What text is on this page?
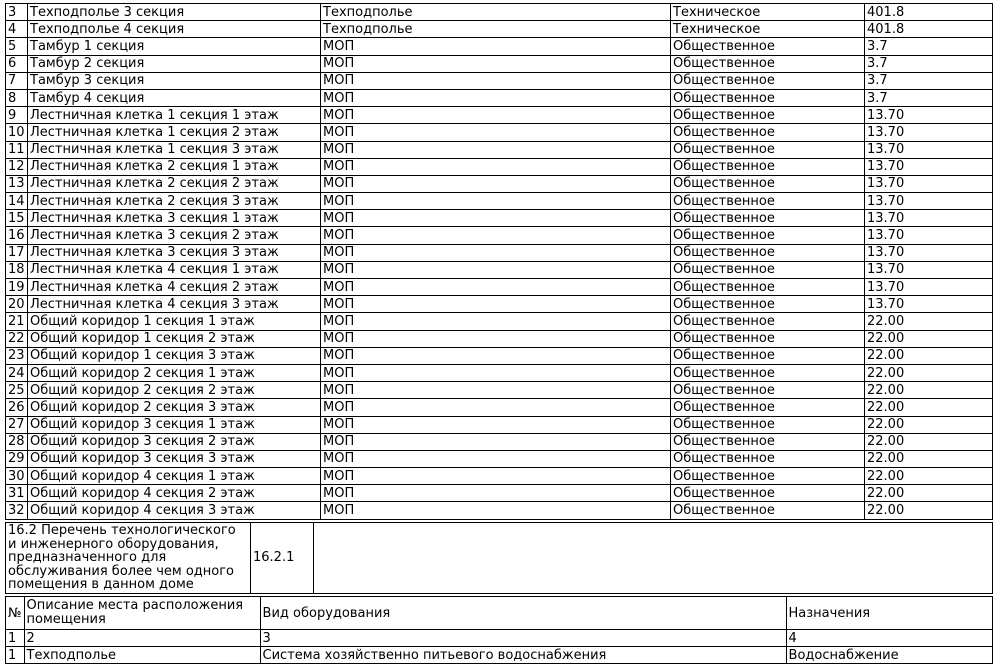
3	Техподполье 3 секция	Техподполье	Техническое	401.8
4	Техподполье 4 секция	Техподполье	Техническое	401.8
5	Тамбур 1 секция	МОП	Общественное	3.7
6	Тамбур 2 секция	МОП	Общественное	3.7
7	Тамбур 3 секция	МОП	Общественное	3.7
8	Тамбур 4 секция	МОП	Общественное	3.7
9	Лестничная клетка 1 секция 1 этаж	МОП	Общественное	13.70
10	Лестничная клетка 1 секция 2 этаж	МОП	Общественное	13.70
11	Лестничная клетка 1 секция 3 этаж	МОП	Общественное	13.70
12	Лестничная клетка 2 секция 1 этаж	МОП	Общественное	13.70
13	Лестничная клетка 2 секция 2 этаж	МОП	Общественное	13.70
14	Лестничная клетка 2 секция 3 этаж	МОП	Общественное	13.70
15	Лестничная клетка 3 секция 1 этаж	МОП	Общественное	13.70
16	Лестничная клетка 3 секция 2 этаж	МОП	Общественное	13.70
17	Лестничная клетка 3 секция 3 этаж	МОП	Общественное	13.70
18	Лестничная клетка 4 секция 1 этаж	МОП	Общественное	13.70
19	Лестничная клетка 4 секция 2 этаж	МОП	Общественное	13.70
20	Лестничная клетка 4 секция 3 этаж	МОП	Общественное	13.70
21	Общий коридор 1 секция 1 этаж	МОП	Общественное	22.00
22	Общий коридор 1 секция 2 этаж	МОП	Общественное	22.00
23	Общий коридор 1 секция 3 этаж	МОП	Общественное	22.00
24	Общий коридор 2 секция 1 этаж	МОП	Общественное	22.00
25	Общий коридор 2 секция 2 этаж	МОП	Общественное	22.00
26	Общий коридор 2 секция 3 этаж	МОП	Общественное	22.00
27	Общий коридор 3 секция 1 этаж	МОП	Общественное	22.00
28	Общий коридор 3 секция 2 этаж	МОП	Общественное	22.00
29	Общий коридор 3 секция 3 этаж	МОП	Общественное	22.00
30	Общий коридор 4 секция 1 этаж	МОП	Общественное	22.00
31	Общий коридор 4 секция 2 этаж	МОП	Общественное	22.00
32	Общий коридор 4 секция 3 этаж	МОП	Общественное	22.00
16.2 Перечень технологического и инженерного оборудования, предназначенного для обслуживания более чем одного помещения в данном доме	16.2.1	
№	Описание места расположения помещения	Вид оборудования	Назначения
1	2	3	4
1	Техподполье	Система хозяйственно питьевого водоснабжения	Водоснабжение
